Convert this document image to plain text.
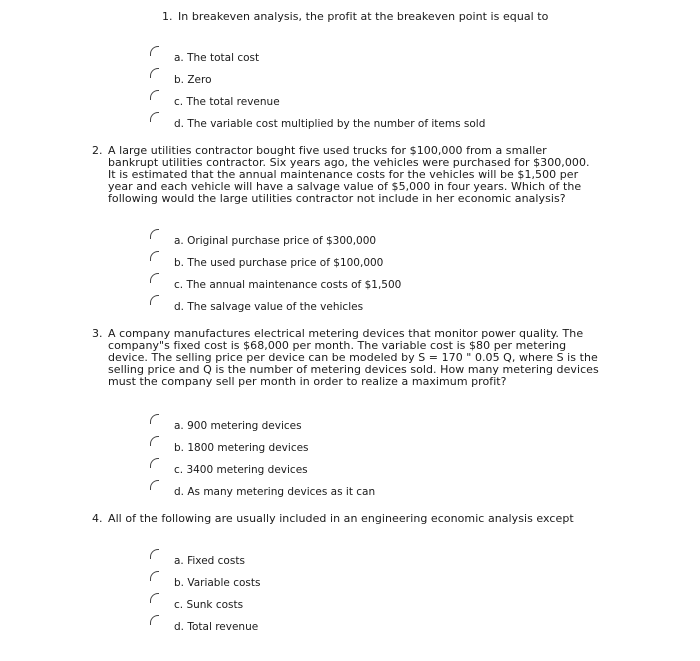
1. In breakeven analysis, the profit at the breakeven point is equal to
a. The total cost
b. Zero
c. The total revenue
d. The variable cost multiplied by the number of items sold
2. A large utilities contractor bought five used trucks for $100,000 from a smaller bankrupt utilities contractor. Six years ago, the vehicles were purchased for $300,000. It is estimated that the annual maintenance costs for the vehicles will be $1,500 per year and each vehicle will have a salvage value of $5,000 in four years. Which of the following would the large utilities contractor not include in her economic analysis?
a. Original purchase price of $300,000
b. The used purchase price of $100,000
c. The annual maintenance costs of $1,500
d. The salvage value of the vehicles
3. A company manufactures electrical metering devices that monitor power quality. The company"s fixed cost is $68,000 per month. The variable cost is $80 per metering device. The selling price per device can be modeled by S = 170 " 0.05 Q, where S is the selling price and Q is the number of metering devices sold. How many metering devices must the company sell per month in order to realize a maximum profit?
a. 900 metering devices
b. 1800 metering devices
c. 3400 metering devices
d. As many metering devices as it can
4. All of the following are usually included in an engineering economic analysis except
a. Fixed costs
b. Variable costs
c. Sunk costs
d. Total revenue
